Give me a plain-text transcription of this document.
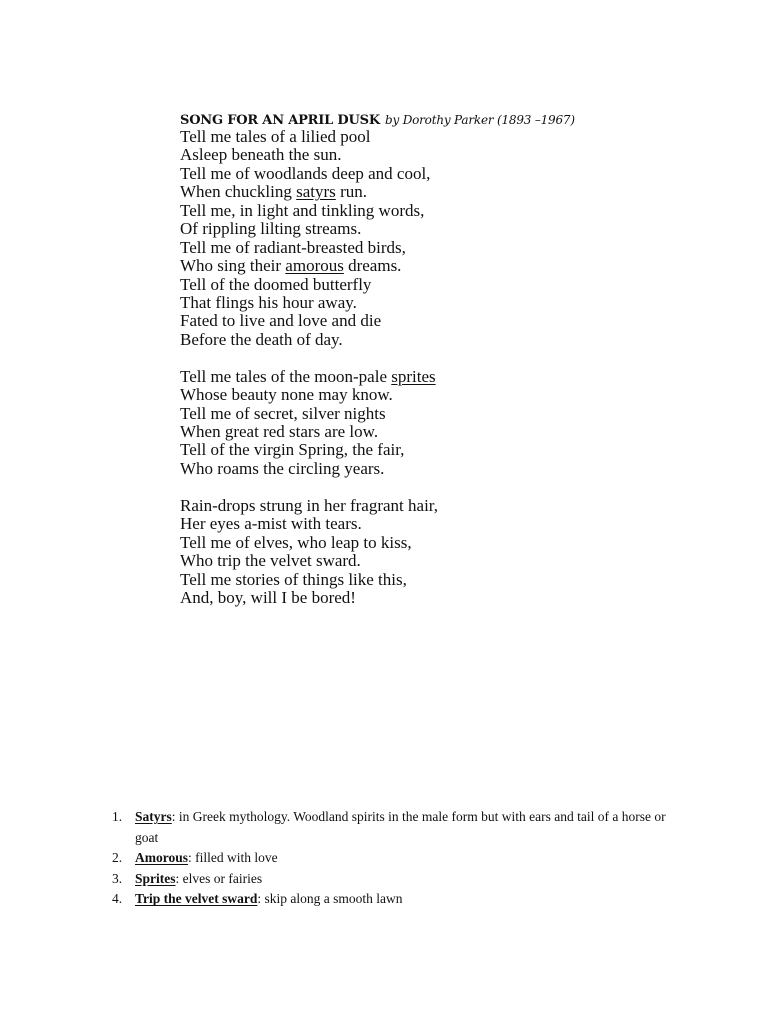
SONG FOR AN APRIL DUSK by Dorothy Parker (1893 –1967)
Tell me tales of a lilied pool
Asleep beneath the sun.
Tell me of woodlands deep and cool,
When chuckling satyrs run.
Tell me, in light and tinkling words,
Of rippling lilting streams.
Tell me of radiant-breasted birds,
Who sing their amorous dreams.
Tell of the doomed butterfly
That flings his hour away.
Fated to live and love and die
Before the death of day.
Tell me tales of the moon-pale sprites
Whose beauty none may know.
Tell me of secret, silver nights
When great red stars are low.
Tell of the virgin Spring, the fair,
Who roams the circling years.
Rain-drops strung in her fragrant hair,
Her eyes a-mist with tears.
Tell me of elves, who leap to kiss,
Who trip the velvet sward.
Tell me stories of things like this,
And, boy, will I be bored!
1. Satyrs: in Greek mythology. Woodland spirits in the male form but with ears and tail of a horse or goat
2. Amorous: filled with love
3. Sprites: elves or fairies
4. Trip the velvet sward: skip along a smooth lawn
